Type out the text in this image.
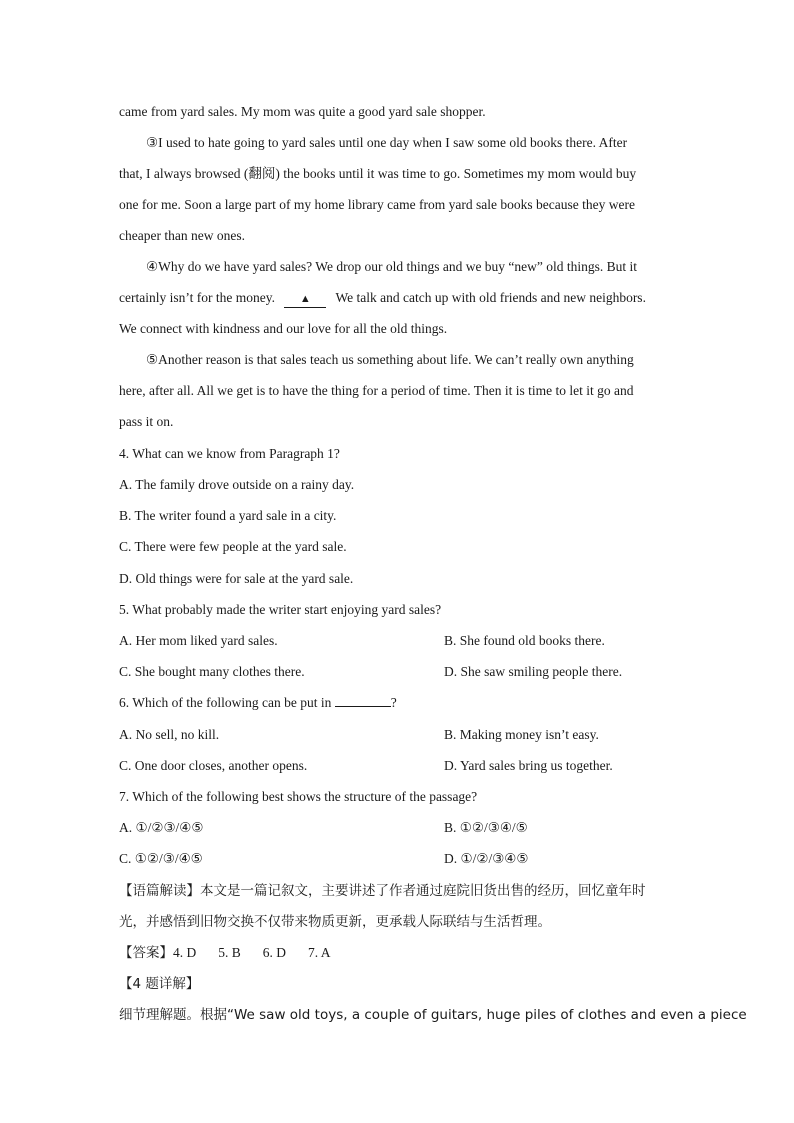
came from yard sales. My mom was quite a good yard sale shopper.
③I used to hate going to yard sales until one day when I saw some old books there. After
that, I always browsed (翻阅) the books until it was time to go. Sometimes my mom would buy
one for me. Soon a large part of my home library came from yard sale books because they were
cheaper than new ones.
④Why do we have yard sales? We drop our old things and we buy “new” old things. But it
certainly isn’t for the money. ▲ We talk and catch up with old friends and new neighbors.
We connect with kindness and our love for all the old things.
⑤Another reason is that sales teach us something about life. We can’t really own anything
here, after all. All we get is to have the thing for a period of time. Then it is time to let it go and
pass it on.
4. What can we know from Paragraph 1?
A. The family drove outside on a rainy day.
B. The writer found a yard sale in a city.
C. There were few people at the yard sale.
D. Old things were for sale at the yard sale.
5. What probably made the writer start enjoying yard sales?
A. Her mom liked yard sales.	B. She found old books there.
C. She bought many clothes there.	D. She saw smiling people there.
6. Which of the following can be put in	?
A. No sell, no kill.	B. Making money isn’t easy.
C. One door closes, another opens.	D. Yard sales bring us together.
7. Which of the following best shows the structure of the passage?
A. ①/②③/④⑤	B. ①②/③④/⑤
C. ①②/③/④⑤	D. ①/②/③④⑤
【语篇解读】本文是一篇记叙文，主要讲述了作者通过庭院旧货出售的经历，回忆童年时
光，并感悟到旧物交换不仅带来物质更新，更承载人际联结与生活哲理。
【答案】4. D 5. B 6. D 7. A
【4 题详解】
细节理解题。根据“We saw old toys, a couple of guitars, huge piles of clothes and even a piece
